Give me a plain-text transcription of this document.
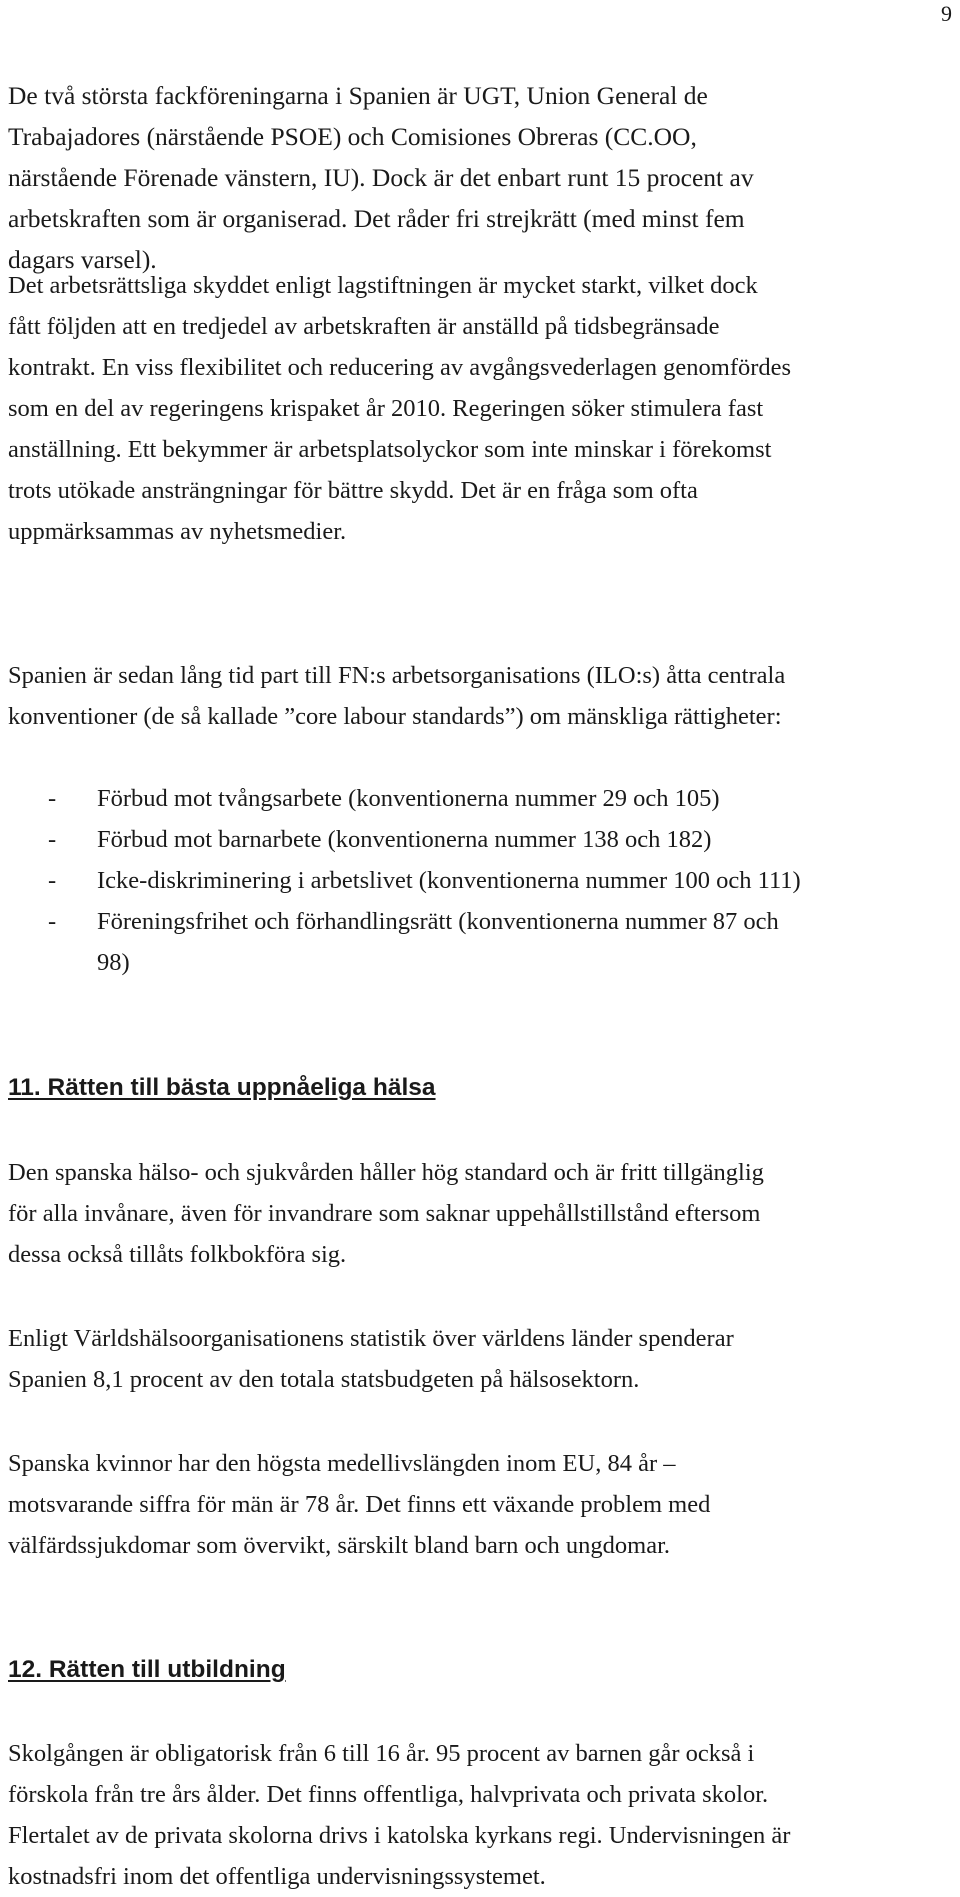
9

De två största fackföreningarna i Spanien är UGT, Union General de
Trabajadores (närstående PSOE) och Comisiones Obreras (CC.OO,
närstående Förenade vänstern, IU). Dock är det enbart runt 15 procent av
arbetskraften som är organiserad. Det råder fri strejkrätt (med minst fem
dagars varsel).

Det arbetsrättsliga skyddet enligt lagstiftningen är mycket starkt, vilket dock
fått följden att en tredjedel av arbetskraften är anställd på tidsbegränsade
kontrakt. En viss flexibilitet och reducering av avgångsvederlagen genomfördes
som en del av regeringens krispaket år 2010. Regeringen söker stimulera fast
anställning. Ett bekymmer är arbetsplatsolyckor som inte minskar i förekomst
trots utökade ansträngningar för bättre skydd. Det är en fråga som ofta
uppmärksammas av nyhetsmedier.

Spanien är sedan lång tid part till FN:s arbetsorganisations (ILO:s) åtta centrala
konventioner (de så kallade ”core labour standards”) om mänskliga rättigheter:

- Förbud mot tvångsarbete (konventionerna nummer 29 och 105)
- Förbud mot barnarbete (konventionerna nummer 138 och 182)
- Icke-diskriminering i arbetslivet (konventionerna nummer 100 och 111)
- Föreningsfrihet och förhandlingsrätt (konventionerna nummer 87 och
98)
11. Rätten till bästa uppnåeliga hälsa

Den spanska hälso- och sjukvården håller hög standard och är fritt tillgänglig
för alla invånare, även för invandrare som saknar uppehållstillstånd eftersom
dessa också tillåts folkbokföra sig.

Enligt Världshälsoorganisationens statistik över världens länder spenderar
Spanien 8,1 procent av den totala statsbudgeten på hälsosektorn.

Spanska kvinnor har den högsta medellivslängden inom EU, 84 år –
motsvarande siffra för män är 78 år. Det finns ett växande problem med
välfärdssjukdomar som övervikt, särskilt bland barn och ungdomar.

12. Rätten till utbildning

Skolgången är obligatorisk från 6 till 16 år. 95 procent av barnen går också i
förskola från tre års ålder. Det finns offentliga, halvprivata och privata skolor.
Flertalet av de privata skolorna drivs i katolska kyrkans regi. Undervisningen är
kostnadsfri inom det offentliga undervisningssystemet.
